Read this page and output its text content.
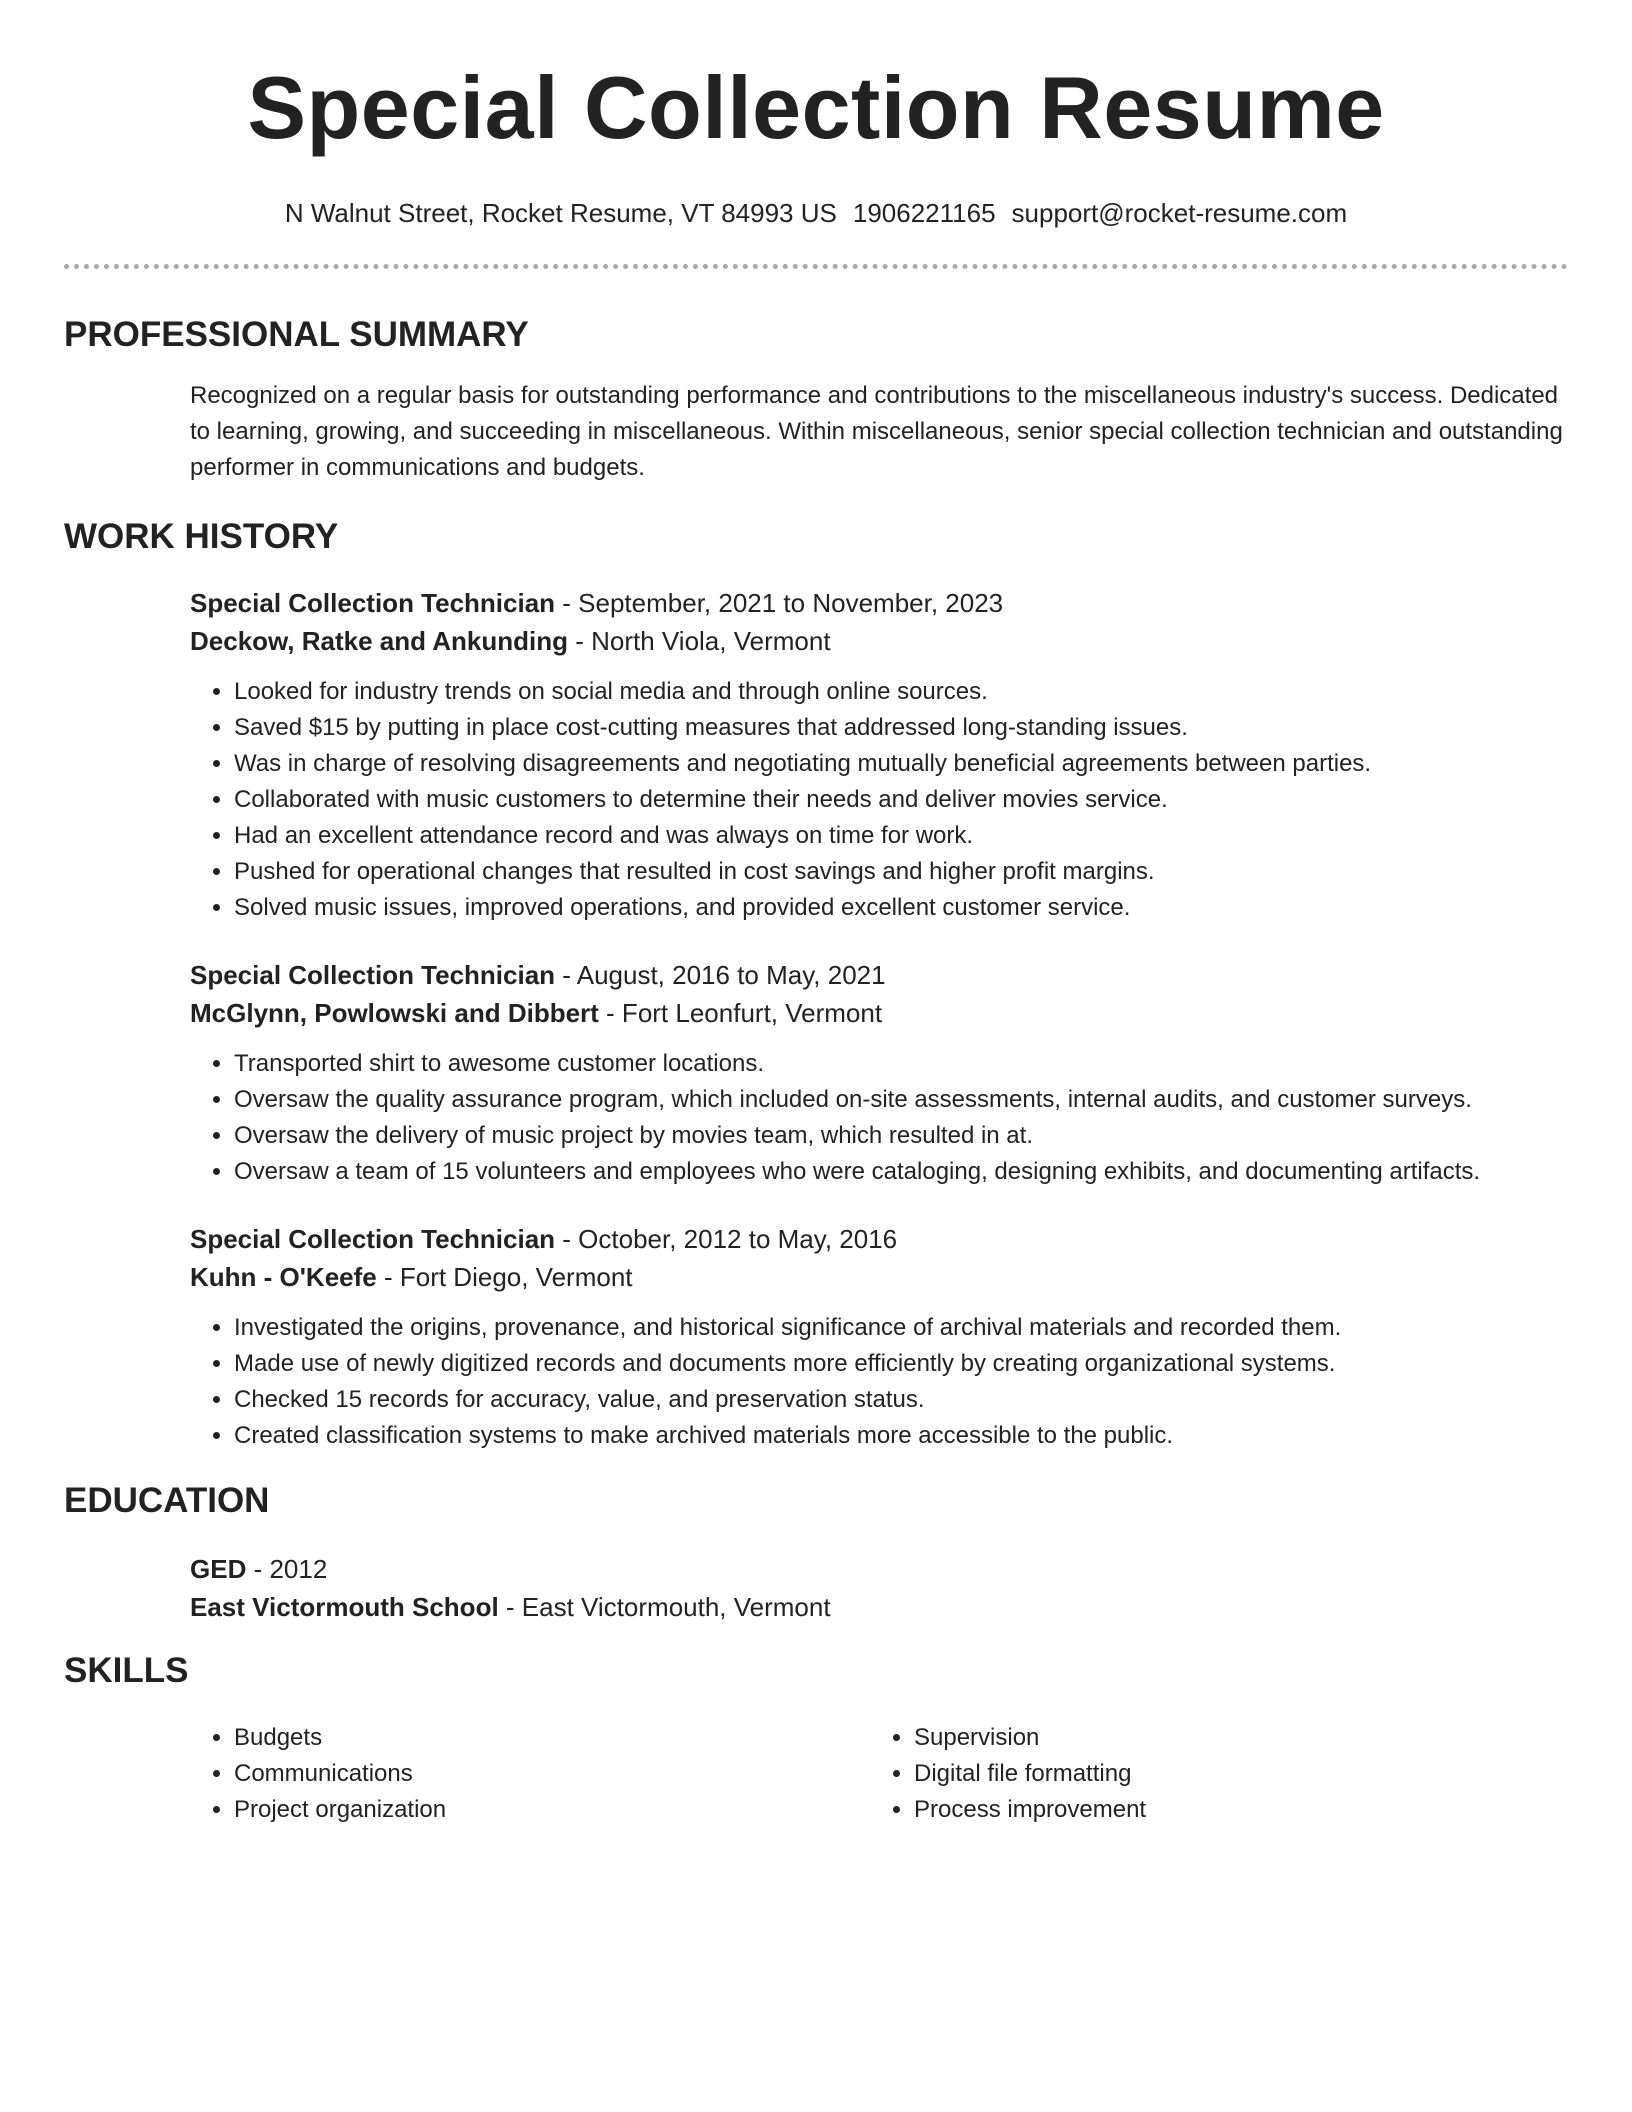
Special Collection Resume
N Walnut Street, Rocket Resume, VT 84993 US 1906221165 support@rocket-resume.com
PROFESSIONAL SUMMARY

Recognized on a regular basis for outstanding performance and contributions to the miscellaneous industry's success. Dedicated to learning, growing, and succeeding in miscellaneous. Within miscellaneous, senior special collection technician and outstanding performer in communications and budgets.

WORK HISTORY
Special Collection Technician - September, 2021 to November, 2023
Deckow, Ratke and Ankunding - North Viola, Vermont
• Looked for industry trends on social media and through online sources.
• Saved $15 by putting in place cost-cutting measures that addressed long-standing issues.
• Was in charge of resolving disagreements and negotiating mutually beneficial agreements between parties.
• Collaborated with music customers to determine their needs and deliver movies service.
• Had an excellent attendance record and was always on time for work.
• Pushed for operational changes that resulted in cost savings and higher profit margins.
• Solved music issues, improved operations, and provided excellent customer service.
Special Collection Technician - August, 2016 to May, 2021
McGlynn, Powlowski and Dibbert - Fort Leonfurt, Vermont
• Transported shirt to awesome customer locations.
• Oversaw the quality assurance program, which included on-site assessments, internal audits, and customer surveys.
• Oversaw the delivery of music project by movies team, which resulted in at.
• Oversaw a team of 15 volunteers and employees who were cataloging, designing exhibits, and documenting artifacts.
Special Collection Technician - October, 2012 to May, 2016
Kuhn - O'Keefe - Fort Diego, Vermont
• Investigated the origins, provenance, and historical significance of archival materials and recorded them.
• Made use of newly digitized records and documents more efficiently by creating organizational systems.
• Checked 15 records for accuracy, value, and preservation status.
• Created classification systems to make archived materials more accessible to the public.
EDUCATION
GED - 2012
East Victormouth School - East Victormouth, Vermont
SKILLS
• Budgets
• Communications
• Project organization
• Supervision
• Digital file formatting
• Process improvement
